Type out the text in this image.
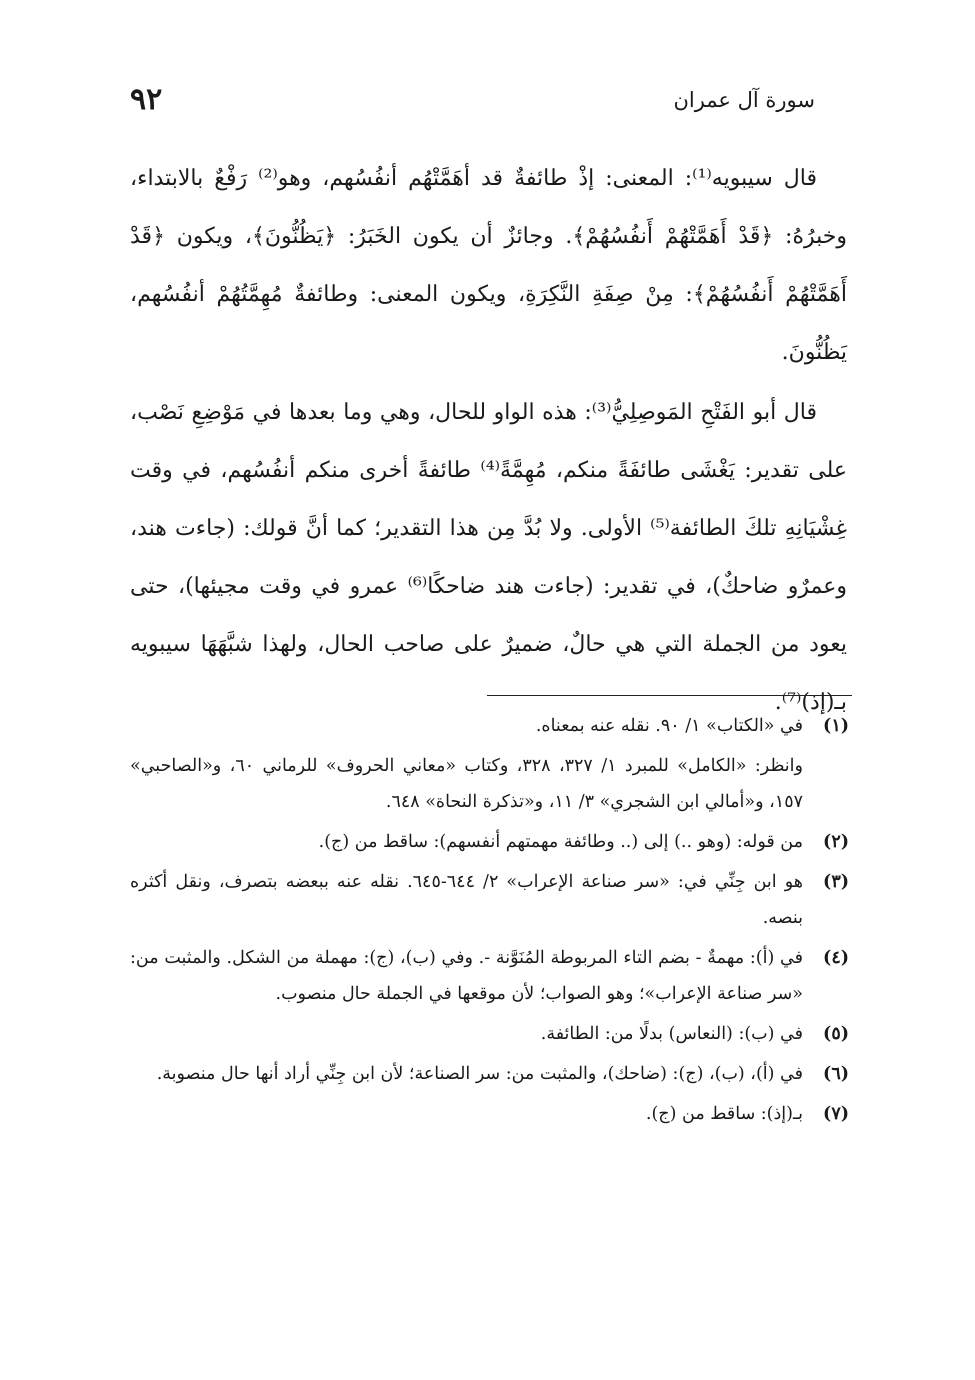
سورة آل عمران
٩٢

قال سيبويه⁽¹⁾: المعنى: إذْ طائفةٌ قد أهَمَّتْهُم أنفُسُهم، وهو⁽²⁾ رَفْعٌ بالابتداء، وخبرُهُ: ﴿قَدْ أَهَمَّتْهُمْ أَنفُسُهُمْ﴾. وجائزٌ أن يكون الخَبَرُ: ﴿يَظُنُّونَ﴾، ويكون ﴿قَدْ أَهَمَّتْهُمْ أَنفُسُهُمْ﴾: مِنْ صِفَةِ النَّكِرَةِ، ويكون المعنى: وطائفةٌ مُهِمَّتُهُمْ أنفُسُهم، يَظُنُّونَ.

قال أبو الفَتْحِ المَوصِلِيُّ⁽³⁾: هذه الواو للحال، وهي وما بعدها في مَوْضِعِ نَصْب، على تقدير: يَغْشَى طائفَةً منكم، مُهِمَّةً⁽⁴⁾ طائفةً أخرى منكم أنفُسُهم، في وقت غِشْيَانِهِ تلكَ الطائفة⁽⁵⁾ الأولى. ولا بُدَّ مِن هذا التقدير؛ كما أنَّ قولك: (جاءت هند، وعمرٌو ضاحكٌ)، في تقدير: (جاءت هند ضاحكًا⁽⁶⁾ عمرو في وقت مجيئها)، حتى يعود من الجملة التي هي حالٌ، ضميرٌ على صاحب الحال، ولهذا شبَّهَهَا سيبويه بـ(إذ)⁽⁷⁾.

(١)
في «الكتاب» ١/ ٩٠. نقله عنه بمعناه.
وانظر: «الكامل» للمبرد ١/ ٣٢٧، ٣٢٨، وكتاب «معاني الحروف» للرماني ٦٠، و«الصاحبي» ١٥٧، و«أمالي ابن الشجري» ٣/ ١١، و«تذكرة النحاة» ٦٤٨.
(٢)
من قوله: (وهو ..) إلى (.. وطائفة مهمتهم أنفسهم): ساقط من (ج).
(٣)
هو ابن جِنِّي في: «سر صناعة الإعراب» ٢/ ٦٤٤-٦٤٥. نقله عنه ببعضه بتصرف، ونقل أكثره بنصه.
(٤)
في (أ): مهمةٌ - بضم التاء المربوطة المُنَوَّنة -. وفي (ب)، (ج): مهملة من الشكل. والمثبت من: «سر صناعة الإعراب»؛ وهو الصواب؛ لأن موقعها في الجملة حال منصوب.
(٥)
في (ب): (النعاس) بدلًا من: الطائفة.
(٦)
في (أ)، (ب)، (ج): (ضاحك)، والمثبت من: سر الصناعة؛ لأن ابن جِنِّي أراد أنها حال منصوبة.
(٧)
بـ(إذ): ساقط من (ج).
